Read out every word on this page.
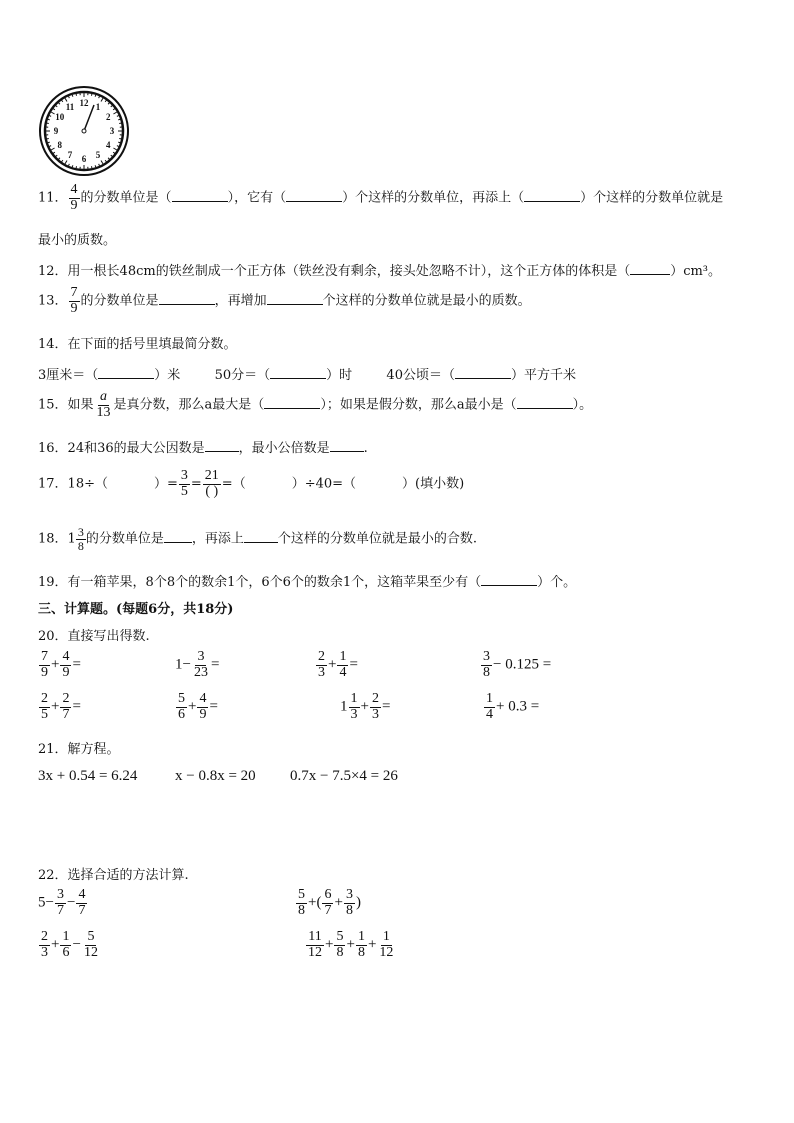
12 1
2
3
4
5
6
7
8
9
10
11
11． $\frac{4}{9}$ 的分数单位是（	），它有（	）个这样的分数单位，再添上（	）个这样的分数单位就是
最小的质数。
12．用一根长48cm的铁丝制成一个正方体（铁丝没有剩余，接头处忽略不计），这个正方体的体积是（	）cm³。
13． $\frac{7}{9}$ 的分数单位是	，再增加	个这样的分数单位就是最小的质数。
14．在下面的括号里填最简分数。
3厘米＝（	）米	50分＝（	）时	40公顷＝（	）平方千米
15．如果 $\frac{a}{13}$ 是真分数，那么a最大是（	）；如果是假分数，那么a最小是（	）。
16．24和36的最大公因数是	，最小公倍数是	.
17．18÷（	）= $\frac{3}{5} = \frac{21}{( )}$ =（	）÷40=（	）(填小数)
18．$1 \frac{3}{8}$ 的分数单位是 ，再添上	个这样的分数单位就是最小的合数.
19．有一箱苹果，8个8个的数余1个，6个6个的数余1个，这箱苹果至少有（	）个。
三、计算题。(每题6分，共18分)
20．直接写出得数.
$\frac{7}{9} + \frac{4}{9}$ =	$1- \frac{3}{23}$ =	$\frac{2}{3} + \frac{1}{4}$ =	$\frac{3}{8} - 0.125$ =
$\frac{2}{5} + \frac{2}{7}$ =	$\frac{5}{6} + \frac{4}{9}$ =	$1 \frac{1}{3} + \frac{2}{3}$ =	$\frac{1}{4} + 0.3$ =
21．解方程。
3x + 0.54 = 6.24	x − 0.8x = 20 0.7x − 7.5×4 = 26
22．选择合适的方法计算.
$5- \frac{3}{7} - \frac{4}{7}$	$\frac{5}{8}$ +( $\frac{6}{7} + \frac{3}{8}$ )
$\frac{2}{3} + \frac{1}{6} - \frac{5}{12}$	$\frac{11}{12} + \frac{5}{8} + \frac{1}{8} + \frac{1}{12}$
